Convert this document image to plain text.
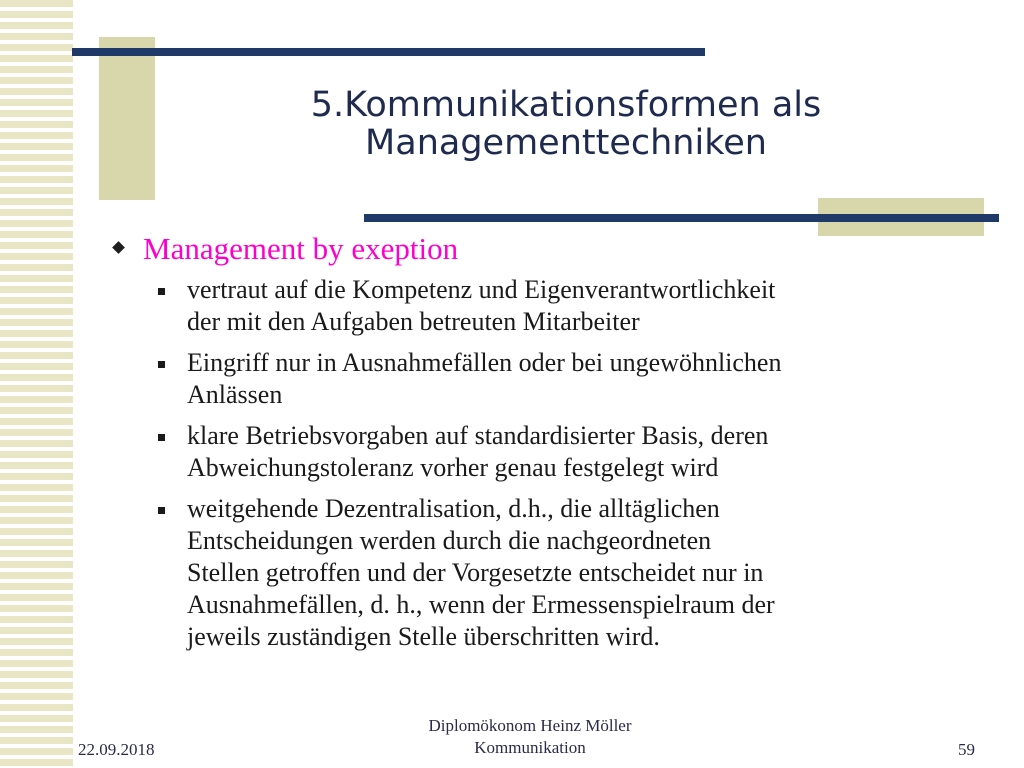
5.Kommunikationsformen als
Managementtechniken
Management by exeption
vertraut auf die Kompetenz und Eigenverantwortlichkeit
der mit den Aufgaben betreuten Mitarbeiter
Eingriff nur in Ausnahmefällen oder bei ungewöhnlichen
Anlässen
klare Betriebsvorgaben auf standardisierter Basis, deren
Abweichungstoleranz vorher genau festgelegt wird
weitgehende Dezentralisation, d.h., die alltäglichen
Entscheidungen werden durch die nachgeordneten
Stellen getroffen und der Vorgesetzte entscheidet nur in
Ausnahmefällen, d. h., wenn der Ermessenspielraum der
jeweils zuständigen Stelle überschritten wird.
22.09.2018
Diplomökonom Heinz Möller
Kommunikation	59
